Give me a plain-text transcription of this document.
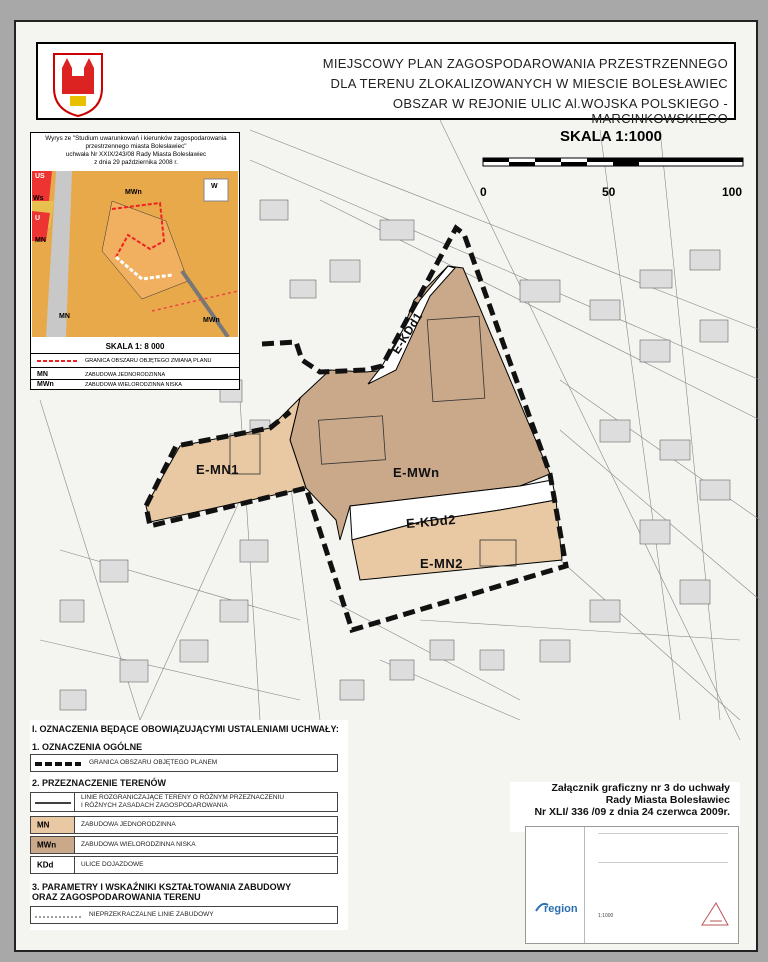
0	50	100
MIEJSCOWY PLAN ZAGOSPODAROWANIA PRZESTRZENNEGO
DLA TERENU ZLOKALIZOWANYCH W MIESCIE BOLESŁAWIEC
OBSZAR W REJONIE ULIC Al.WOJSKA POLSKIEGO - MARCINKOWSKIEGO
SKALA 1:1000
Wyrys ze "Studium uwarunkowań i kierunków zagospodarowania
przestrzennego miasta Bolesławiec"
uchwała Nr XXIX/243/08 Rady Miasta Bolesławiec
z dnia 29 października 2008 r.
US
Ws
U
MN
MN
MWn
MWn
W
SKALA 1: 8 000
GRANICA OBSZARU OBJĘTEGO ZMIANĄ PLANU
MN	ZABUDOWA JEDNORODZINNA
MWn	ZABUDOWA WIELORODZINNA NISKA
E-KDd1
E-MN1	E-MWn
E-KDd2
E-MN2
I. OZNACZENIA BĘDĄCE OBOWIĄZUJĄCYMI USTALENIAMI UCHWAŁY:
1. OZNACZENIA OGÓLNE
GRANICA OBSZARU OBJĘTEGO PLANEM
2. PRZEZNACZENIE TERENÓW
LINIE ROZGRANICZAJĄCE TERENY O RÓŻNYM PRZEZNACZENIU
I RÓŻNYCH ZASADACH ZAGOSPODAROWANIA
MN	ZABUDOWA JEDNORODZINNA
MWn	ZABUDOWA WIELORODZINNA NISKA
KDd	ULICE DOJAZDOWE
3. PARAMETRY I WSKAŹNIKI KSZTAŁTOWANIA ZABUDOWY
ORAZ ZAGOSPODAROWANIA TERENU
NIEPRZEKRACZALNE LINIE ZABUDOWY
Załącznik graficzny nr 3 do uchwały
Rady Miasta Bolesławiec
Nr XLI/ 336 /09 z dnia 24 czerwca 2009r.
region
1:1000
